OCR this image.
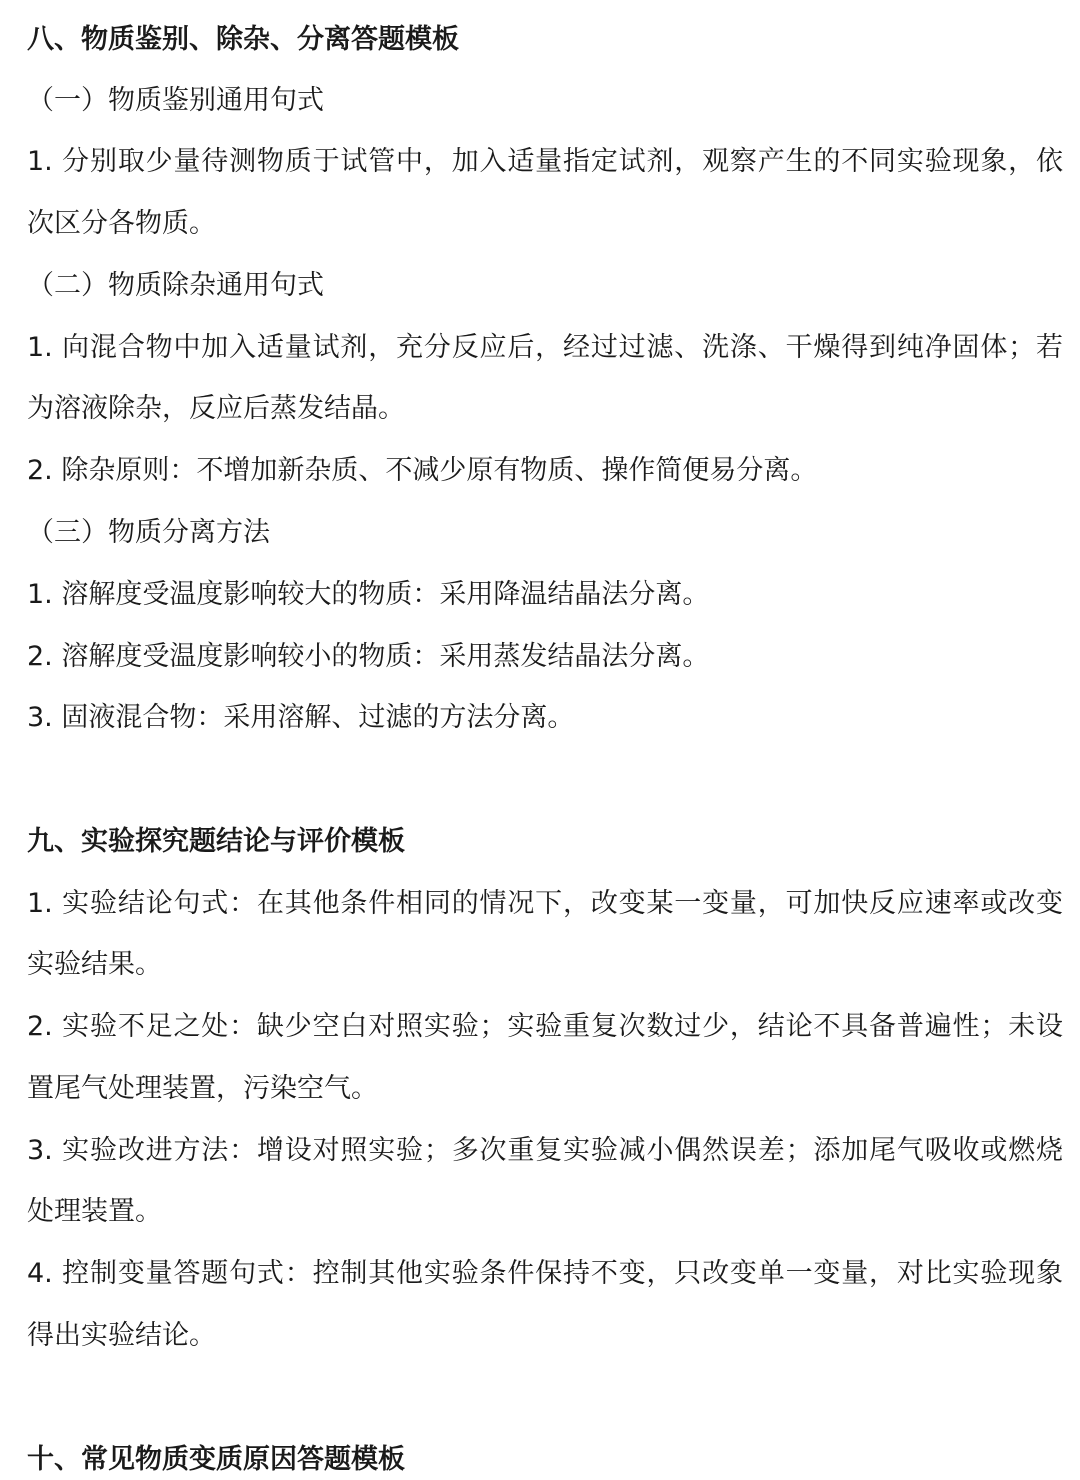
八、物质鉴别、除杂、分离答题模板

（一）物质鉴别通用句式

1. 分别取少量待测物质于试管中，加入适量指定试剂，观察产生的不同实验现象，依

次区分各物质。

（二）物质除杂通用句式

1. 向混合物中加入适量试剂，充分反应后，经过过滤、洗涤、干燥得到纯净固体；若

为溶液除杂，反应后蒸发结晶。

2. 除杂原则：不增加新杂质、不减少原有物质、操作简便易分离。

（三）物质分离方法

1. 溶解度受温度影响较大的物质：采用降温结晶法分离。

2. 溶解度受温度影响较小的物质：采用蒸发结晶法分离。

3. 固液混合物：采用溶解、过滤的方法分离。

九、实验探究题结论与评价模板

1. 实验结论句式：在其他条件相同的情况下，改变某一变量，可加快反应速率或改变

实验结果。

2. 实验不足之处：缺少空白对照实验；实验重复次数过少，结论不具备普遍性；未设

置尾气处理装置，污染空气。

3. 实验改进方法：增设对照实验；多次重复实验减小偶然误差；添加尾气吸收或燃烧

处理装置。

4. 控制变量答题句式：控制其他实验条件保持不变，只改变单一变量，对比实验现象

得出实验结论。

十、常见物质变质原因答题模板
